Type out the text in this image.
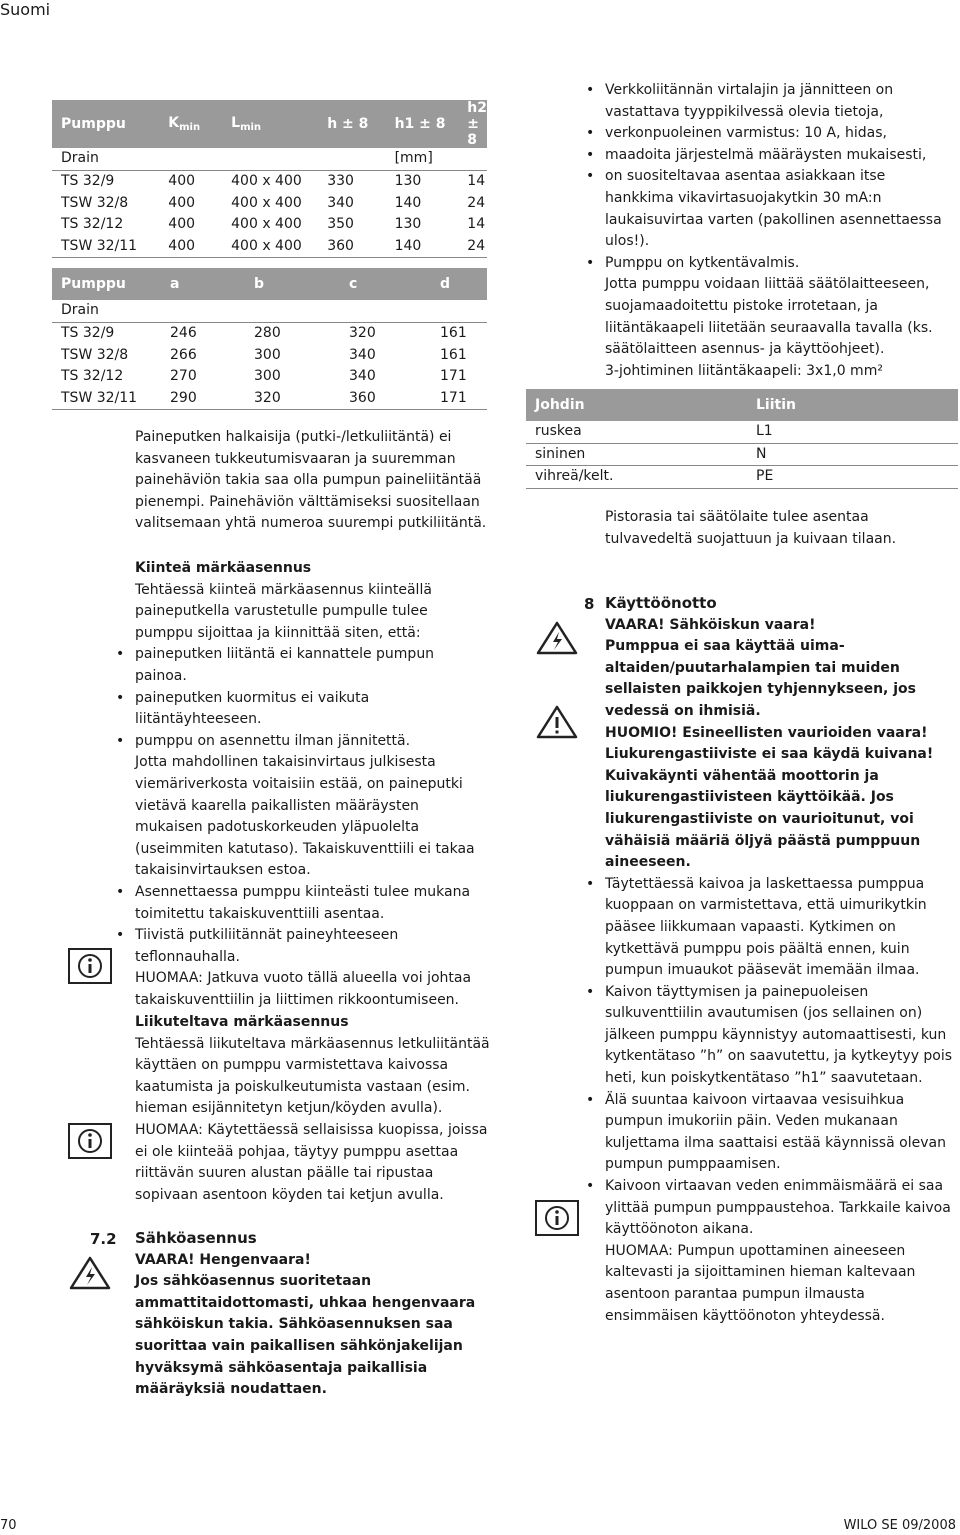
Suomi
Pumppu	$K_{min}$	$L_{min}$	h ± 8	h1 ± 8	h2 ± 8
Drain				[mm]	
TS 32/9	400	400 x 400	330	130	14
TSW 32/8	400	400 x 400	340	140	24
TS 32/12	400	400 x 400	350	130	14
TSW 32/11	400	400 x 400	360	140	24
Pumppu	a	b	c	d
Drain				
TS 32/9	246	280	320	161
TSW 32/8	266	300	340	161
TS 32/12	270	300	340	171
TSW 32/11	290	320	360	171

Paineputken halkaisija (putki-/letkuliitäntä) ei kasvaneen tukkeutumisvaaran ja suuremman painehäviön takia saa olla pumpun paineliitäntää pienempi. Painehäviön välttämiseksi suositellaan valitsemaan yhtä numeroa suurempi putkiliitäntä.

Kiinteä märkäasennus

Tehtäessä kiinteä märkäasennus kiinteällä paineputkella varustetulle pumpulle tulee pumppu sijoittaa ja kiinnittää siten, että:

• paineputken liitäntä ei kannattele pumpun painoa.
• paineputken kuormitus ei vaikuta liitäntäyhteeseen.
• pumppu on asennettu ilman jännitettä.
Jotta mahdollinen takaisinvirtaus julkisesta viemäriverkosta voitaisiin estää, on paineputki vietävä kaarella paikallisten määräysten mukaisen padotuskorkeuden yläpuolelta (useimmiten katutaso). Takaiskuventtiili ei takaa takaisinvirtauksen estoa.
• Asennettaessa pumppu kiinteästi tulee mukana toimitettu takaiskuventtiili asentaa.
• Tiivistä putkiliitännät paineyhteeseen teflonnauhalla.

HUOMAA: Jatkuva vuoto tällä alueella voi johtaa takaiskuventtiilin ja liittimen rikkoontumiseen.

Liikuteltava märkäasennus

Tehtäessä liikuteltava märkäasennus letkuliitäntää käyttäen on pumppu varmistettava kaivossa kaatumista ja poiskulkeutumista vastaan (esim. hieman esijännitetyn ketjun/köyden avulla).

HUOMAA: Käytettäessä sellaisissa kuopissa, joissa ei ole kiinteää pohjaa, täytyy pumppu asettaa riittävän suuren alustan päälle tai ripustaa sopivaan asentoon köyden tai ketjun avulla.

7.2 Sähköasennus

VAARA! Hengenvaara!

Jos sähköasennus suoritetaan ammattitaidottomasti, uhkaa hengenvaara sähköiskun takia. Sähköasennuksen saa suorittaa vain paikallisen sähkönjakelijan hyväksymä sähköasentaja paikallisia määräyksiä noudattaen.

• Verkkoliitännän virtalajin ja jännitteen on vastattava tyyppikilvessä olevia tietoja,
• verkonpuoleinen varmistus: 10 A, hidas,
• maadoita järjestelmä määräysten mukaisesti,
• on suositeltavaa asentaa asiakkaan itse hankkima vikavirtasuojakytkin 30 mA:n laukaisuvirtaa varten (pakollinen asennettaessa ulos!).
• Pumppu on kytkentävalmis.
Jotta pumppu voidaan liittää säätölaitteeseen, suojamaadoitettu pistoke irrotetaan, ja liitäntäkaapeli liitetään seuraavalla tavalla (ks. säätölaitteen asennus- ja käyttöohjeet).
3-johtiminen liitäntäkaapeli: 3x1,0 mm²
Johdin	Liitin
ruskea	L1
sininen	N
vihreä/kelt.	PE

Pistorasia tai säätölaite tulee asentaa tulvavedeltä suojattuun ja kuivaan tilaan.

8 Käyttöönotto

VAARA! Sähköiskun vaara!

Pumppua ei saa käyttää uima-altaiden/puutarhalampien tai muiden sellaisten paikkojen tyhjennykseen, jos vedessä on ihmisiä.

HUOMIO! Esineellisten vaurioiden vaara!

Liukurengastiiviste ei saa käydä kuivana! Kuivakäynti vähentää moottorin ja liukurengastiivisteen käyttöikää. Jos liukurengastiiviste on vaurioitunut, voi vähäisiä määriä öljyä päästä pumppuun aineeseen.

• Täytettäessä kaivoa ja laskettaessa pumppua kuoppaan on varmistettava, että uimurikytkin pääsee liikkumaan vapaasti. Kytkimen on kytkettävä pumppu pois päältä ennen, kuin pumpun imuaukot pääsevät imemään ilmaa.
• Kaivon täyttymisen ja painepuoleisen sulkuventtiilin avautumisen (jos sellainen on) jälkeen pumppu käynnistyy automaattisesti, kun kytkentätaso ”h” on saavutettu, ja kytkeytyy pois heti, kun poiskytkentätaso ”h1” saavutetaan.
• Älä suuntaa kaivoon virtaavaa vesisuihkua pumpun imukoriin päin. Veden mukanaan kuljettama ilma saattaisi estää käynnissä olevan pumpun pumppaamisen.
• Kaivoon virtaavan veden enimmäismäärä ei saa ylittää pumpun pumppaustehoa. Tarkkaile kaivoa käyttöönoton aikana.

HUOMAA: Pumpun upottaminen aineeseen kaltevasti ja sijoittaminen hieman kaltevaan asentoon parantaa pumpun ilmausta ensimmäisen käyttöönoton yhteydessä.

70	WILO SE 09/2008
